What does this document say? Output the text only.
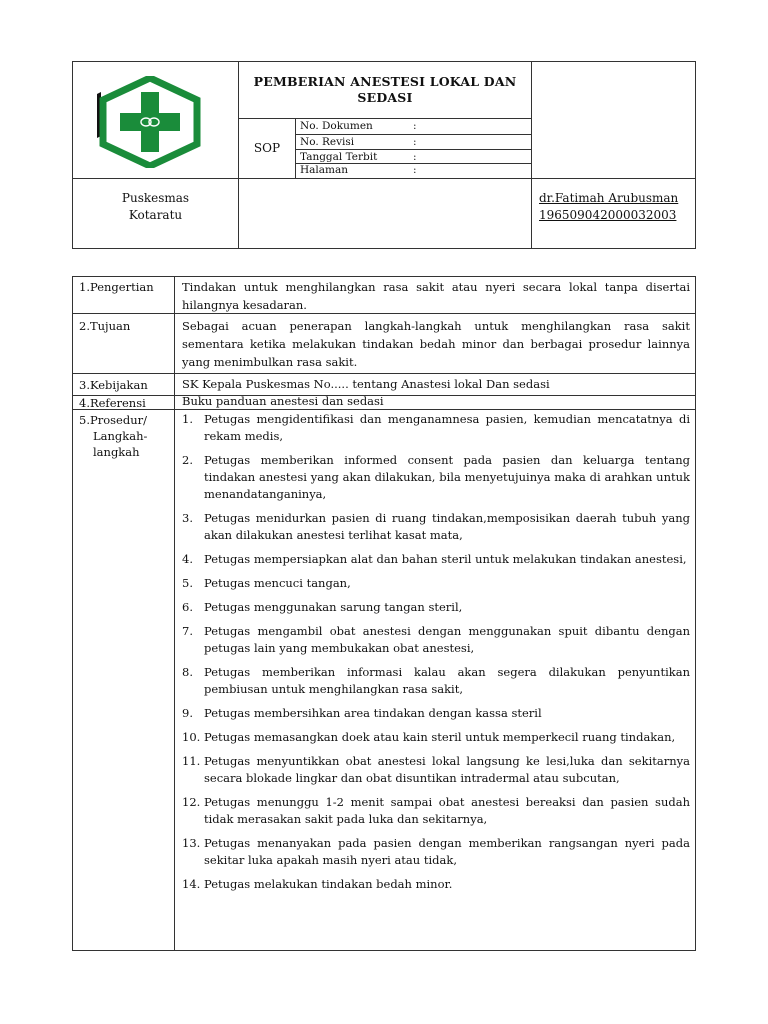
PEMBERIAN ANESTESI LOKAL DAN SEDASI
SOP
No. Dokumen	:
No. Revisi	:
Tanggal Terbit	:
Halaman	:
Puskesmas
Kotaratu
dr.Fatimah Arubusman
196509042000032003
1.Pengertian Tindakan untuk menghilangkan rasa sakit atau nyeri secara lokal tanpa disertai hilangnya kesadaran.
2.Tujuan	Sebagai acuan penerapan langkah-langkah untuk menghilangkan rasa sakit sementara ketika melakukan tindakan bedah minor dan berbagai prosedur lainnya yang menimbulkan rasa sakit.
3.Kebijakan	SK Kepala Puskesmas No..... tentang Anastesi lokal Dan sedasi
4.Referensi	Buku panduan anestesi dan sedasi
5.Prosedur/
Langkah-
langkah
1. Petugas mengidentifikasi dan menganamnesa pasien, kemudian mencatatnya di rekam medis,
2. Petugas memberikan informed consent pada pasien dan keluarga tentang tindakan anestesi yang akan dilakukan, bila menyetujuinya maka di arahkan untuk menandatanganinya,
3. Petugas menidurkan pasien di ruang tindakan,memposisikan daerah tubuh yang akan dilakukan anestesi terlihat kasat mata,
4. Petugas mempersiapkan alat dan bahan steril untuk melakukan tindakan anestesi,
5. Petugas mencuci tangan,
6. Petugas menggunakan sarung tangan steril,
7. Petugas mengambil obat anestesi dengan menggunakan spuit dibantu dengan petugas lain yang membukakan obat anestesi,
8. Petugas memberikan informasi kalau akan segera dilakukan penyuntikan pembiusan untuk menghilangkan rasa sakit,
9. Petugas membersihkan area tindakan dengan kassa steril
10. Petugas memasangkan doek atau kain steril untuk memperkecil ruang tindakan,
11. Petugas menyuntikkan obat anestesi lokal langsung ke lesi,luka dan sekitarnya secara blokade lingkar dan obat disuntikan intradermal atau subcutan,
12. Petugas menunggu 1-2 menit sampai obat anestesi bereaksi dan pasien sudah tidak merasakan sakit pada luka dan sekitarnya,
13. Petugas menanyakan pada pasien dengan memberikan rangsangan nyeri pada sekitar luka apakah masih nyeri atau tidak,
14. Petugas melakukan tindakan bedah minor.
